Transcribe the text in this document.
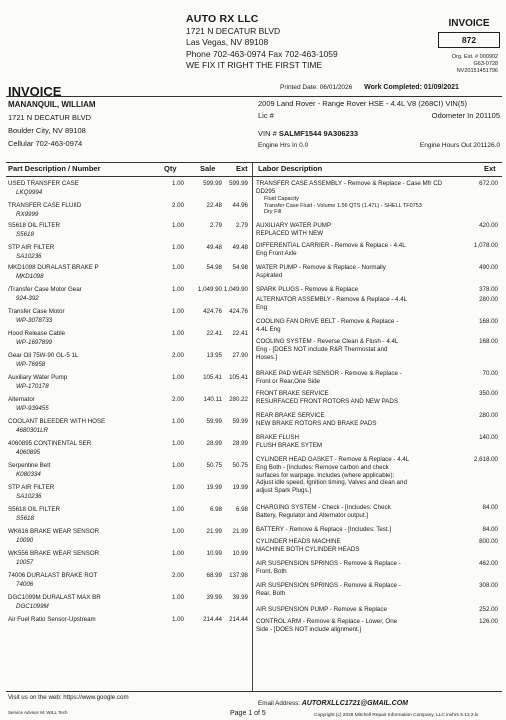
AUTO RX LLC
1721 N DECATUR BLVD
Las Vegas, NV 89108
Phone 702-463-0974 Fax 702-463-1059
WE FIX IT RIGHT THE FIRST TIME
INVOICE
872
Org. Est. # 000902
G63-0728
NV20151451796
INVOICE	Printed Date: 06/01/2026 Work Completed: 01/09/2021
MANANQUIL, WILLIAM
1721 N DECATUR BLVD
Boulder City, NV 89108
Cellular 702-463-0974
2009 Land Rover - Range Rover HSE - 4.4L V8 (268CI) VIN(5)
Lic #	Odometer In 201105
VIN # SALMF1544 9A306233
Engine Hrs In 0.0	Engine Hours Out 201126.0
Part Description / Number	Qty	Sale	Ext Labor Description	Ext
USED TRANSFER CASE	1.00	599.99	599.99
LKQ9994
TRANSFER CASE FLUIID	2.00	22.48	44.96
RX9999
S5618 OIL FILTER	1.00	2.79	2.79
S5618
STP AIR FILTER	1.00	49.48	49.48
SA10236
MKD1098 DURALAST BRAKE P	1.00	54.98	54.98
MKD1098
/Transfer Case Motor Gear	1.00	1,049.90 1,049.90
924-392
Transfer Case Motor	1.00	424.76	424.76
WP-3078733
Hood Release Cable	1.00	22.41	22.41
WP-1697899
Gear Oil 75W-90 GL-5 1L	2.00	13.95	27.90
WP-76958
Auxiliary Water Pump	1.00	105.41	105.41
WP-170178
Alternator	2.00	140.11	280.22
WP-939455
COOLANT BLEEDER WITH HOSE	1.00	59.99	59.99
4680301LR
4060895 CONTINENTAL SER	1.00	28.99	28.99
4060895
Serpentine Belt	1.00	50.75	50.75
K080334
STP AIR FILTER	1.00	19.99	19.99
SA10236
S5618 OIL FILTER	1.00	6.98	6.98
S5618
WK616 BRAKE WEAR SENSOR	1.00	21.99	21.99
10090
WK556 BRAKE WEAR SENSOR	1.00	10.99	10.99
10057
74006 DURALAST BRAKE ROT	2.00	68.99	137.98
74006
DGC1099M DURALAST MAX BR	1.00	39.99	39.99
DGC1099M
Air Fuel Ratio Sensor-Upstream	1.00	214.44	214.44
TRANSFER CASE ASSEMBLY - Remove & Replace - Case Mfr CD DD295
Fluid Capacity
Transfer Case Fluid - Volume 1.56 QTS (1.47L) - SHELL TF0753
Dry Fill
672.00
AUXILIARY WATER PUMP
REPLACED WITH NEW
420.00
DIFFERENTIAL CARRIER - Remove & Replace - 4.4L
Eng Front Axle
1,078.00
WATER PUMP - Remove & Replace - Normally
Aspirated
490.00
SPARK PLUGS - Remove & Replace	378.00
ALTERNATOR ASSEMBLY - Remove & Replace - 4.4L
Eng
280.00
COOLING FAN DRIVE BELT - Remove & Replace -
4.4L Eng
168.00
COOLING SYSTEM - Reverse Clean & Flush - 4.4L
Eng - [DOES NOT include R&R Thermostat and
Hoses.]
168.00
BRAKE PAD WEAR SENSOR - Remove & Replace -
Front or Rear,One Side
70.00
FRONT BRAKE SERVICE
RESURFACED FRONT ROTORS AND NEW PADS
350.00
REAR BRAKE SERVICE
NEW BRAKE ROTORS AND BRAKE PADS
280.00
BRAKE FLUSH
FLUSH BRAKE SYTEM
140.00
CYLINDER HEAD GASKET - Remove & Replace - 4.4L
Eng Both - [Includes: Remove carbon and check
surfaces for warpage. Includes (where applicable):
Adjust idle speed, Ignition timing, Valves and clean and
adjust Spark Plugs.]
2,618.00
CHARGING SYSTEM - Check - [Includes: Check
Battery, Regulator and Alternator output.]
84.00
BATTERY - Remove & Replace - [Includes: Test.]	84.00
CYLINDER HEADS MACHINE
MACHINE BOTH CYLINDER HEADS
800.00
AIR SUSPENSION SPRINGS - Remove & Replace -
Front, Both
462.00
AIR SUSPENSION SPRINGS - Remove & Replace -
Rear, Both
308.00
AIR SUSPENSION PUMP - Remove & Replace	252.00
CONTROL ARM - Remove & Replace - Lower, One
Side - [DOES NOT include alignment.]
126.00
Visit us on the web: https://www.google.com
Service Advisor M. WILL Tech	Page 1 of 5
Email Address: AUTORXLLC1721@GMAIL.COM
Copyright (c) 2026 Mitchell Repair Information Company, LLC invhrs 5.12.2.lv
